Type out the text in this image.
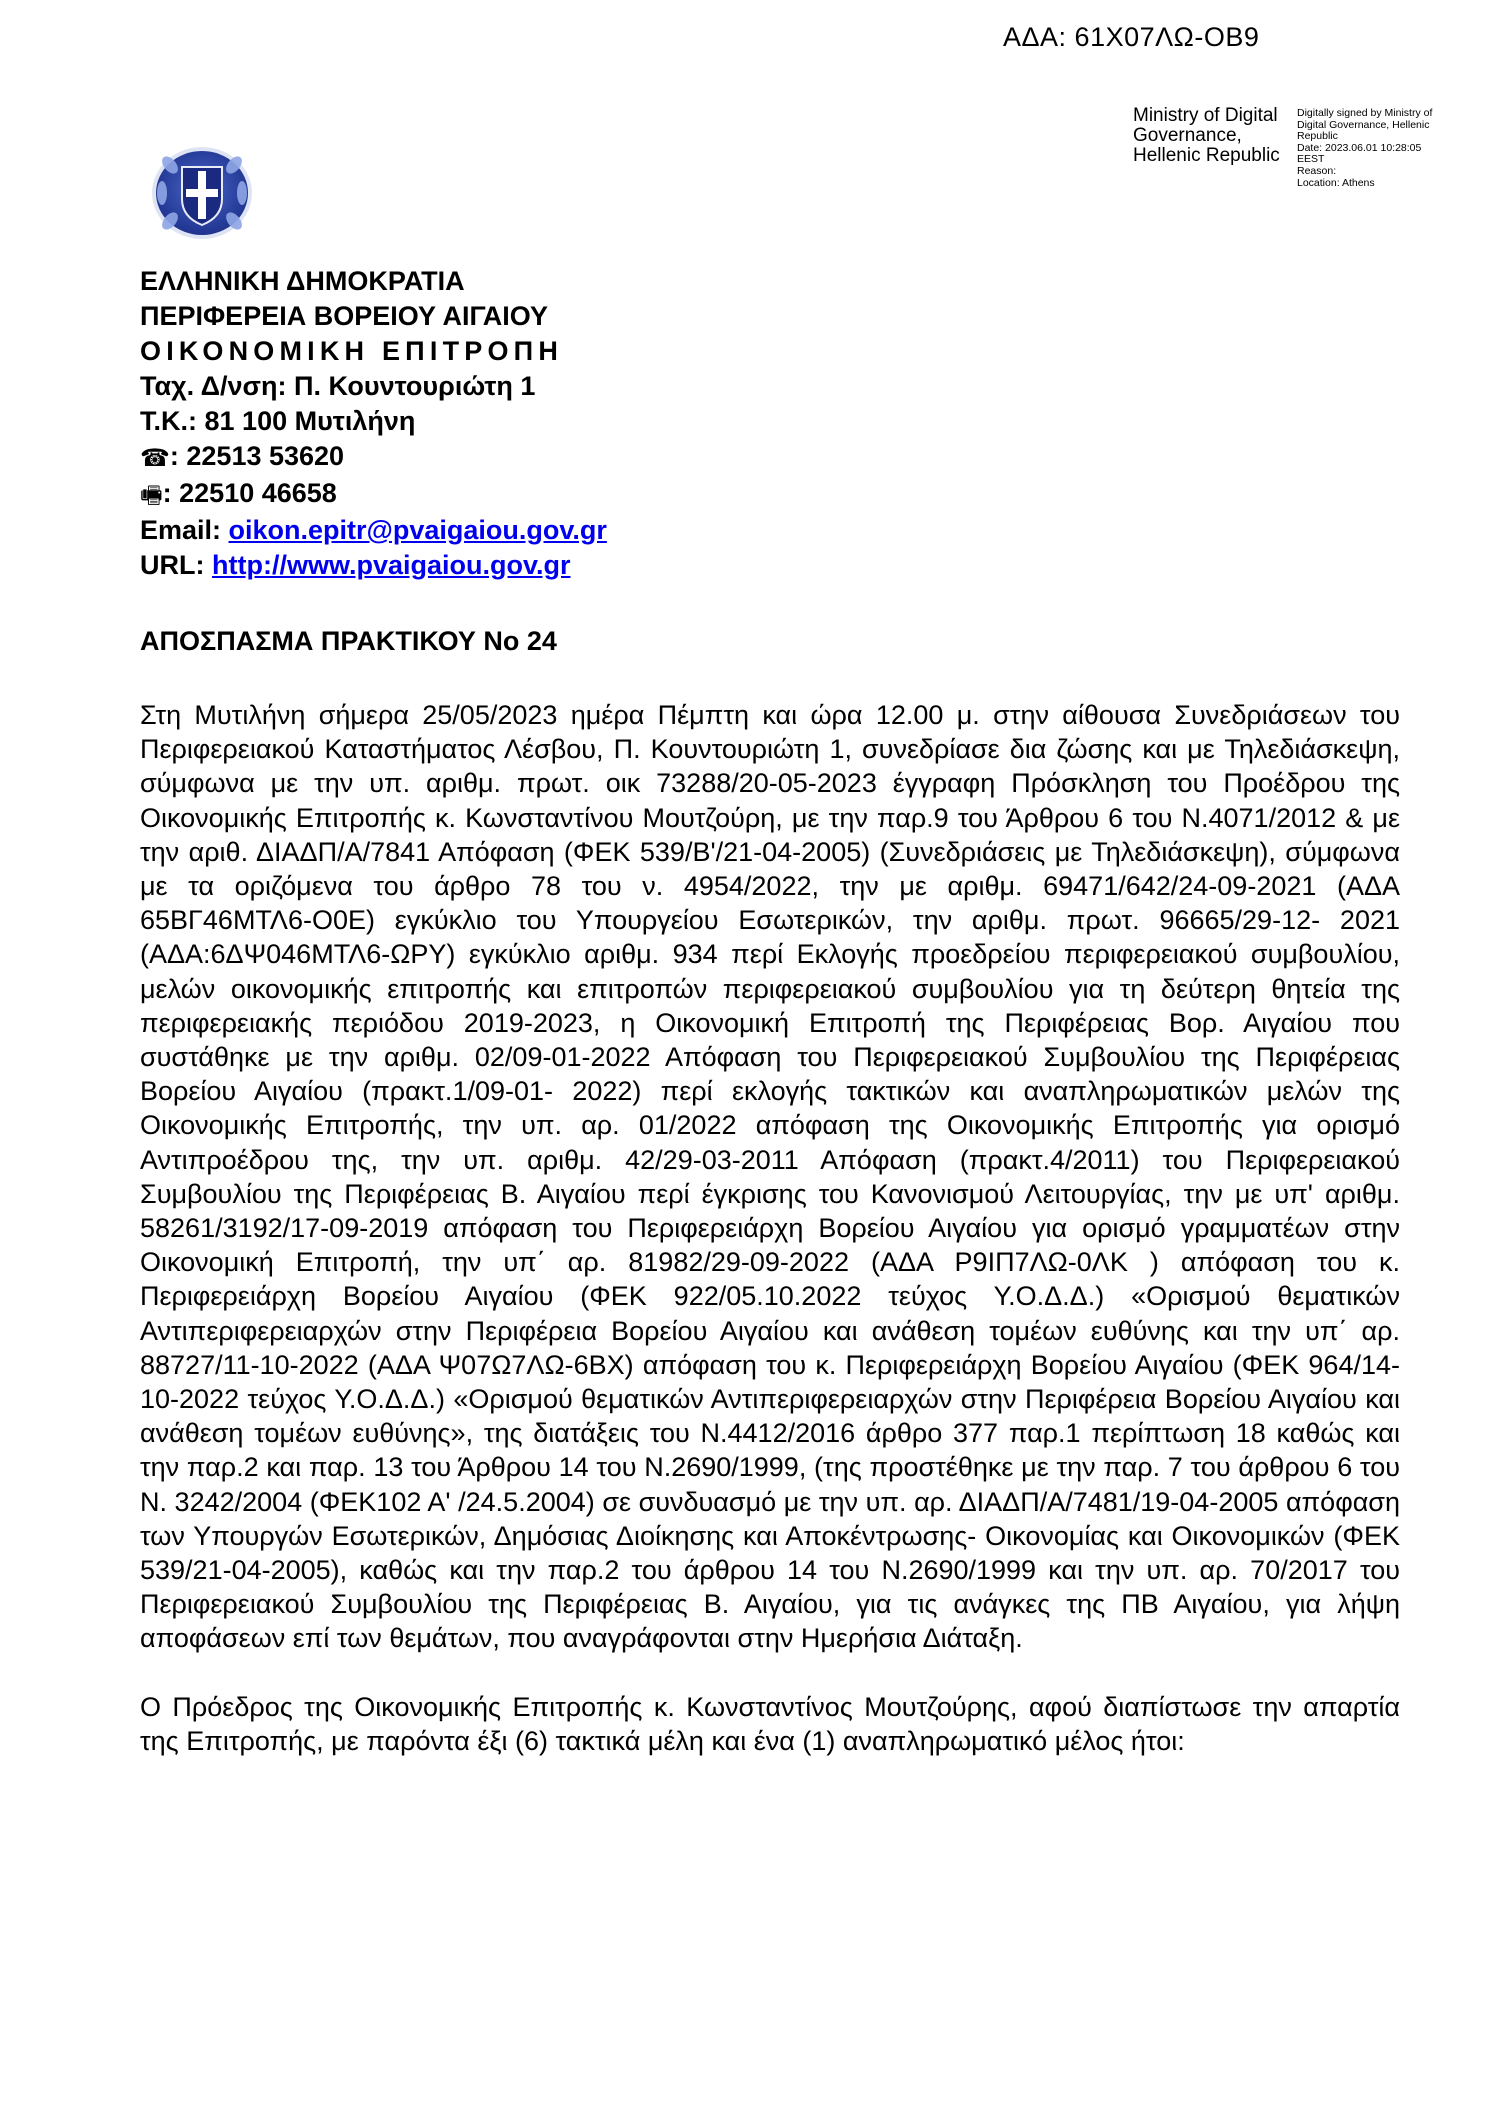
ΑΔΑ: 61Χ07ΛΩ-ΟΒ9
Ministry of Digital
Governance,
Hellenic Republic
Digitally signed by Ministry of
Digital Governance, Hellenic
Republic
Date: 2023.06.01 10:28:05
EEST
Reason:
Location: Athens
ΕΛΛΗΝΙΚΗ ΔΗΜΟΚΡΑΤΙΑ
ΠΕΡΙΦΕΡΕΙΑ ΒΟΡΕΙΟΥ ΑΙΓΑΙΟΥ
ΟΙΚΟΝΟΜΙΚΗ ΕΠΙΤΡΟΠΗ
Ταχ. Δ/νση: Π. Κουντουριώτη 1
Τ.Κ.: 81 100 Μυτιλήνη
☎: 22513 53620
🖷: 22510 46658
Email: oikon.epitr@pvaigaiou.gov.gr
URL: http://www.pvaigaiou.gov.gr
ΑΠΟΣΠΑΣΜΑ ΠΡΑΚΤΙΚΟΥ Νο 24

Στη Μυτιλήνη σήμερα 25/05/2023 ημέρα Πέμπτη και ώρα 12.00 μ. στην αίθουσα Συνεδριάσεων του Περιφερειακού Καταστήματος Λέσβου, Π. Κουντουριώτη 1, συνεδρίασε δια ζώσης και με Τηλεδιάσκεψη, σύμφωνα με την υπ. αριθμ. πρωτ. οικ 73288/20-05-2023 έγγραφη Πρόσκληση του Προέδρου της Οικονομικής Επιτροπής κ. Κωνσταντίνου Μουτζούρη, με την παρ.9 του Άρθρου 6 του Ν.4071/2012 & με την αριθ. ΔΙΑΔΠ/Α/7841 Απόφαση (ΦΕΚ 539/Β'/21-04-2005) (Συνεδριάσεις με Τηλεδιάσκεψη), σύμφωνα με τα οριζόμενα του άρθρο 78 του ν. 4954/2022, την με αριθμ. 69471/642/24-09-2021 (ΑΔΑ 65ΒΓ46ΜΤΛ6-Ο0Ε) εγκύκλιο του Υπουργείου Εσωτερικών, την αριθμ. πρωτ. 96665/29-12- 2021 (ΑΔΑ:6ΔΨ046ΜΤΛ6-ΩΡΥ) εγκύκλιο αριθμ. 934 περί Εκλογής προεδρείου περιφερειακού συμβουλίου, μελών οικονομικής επιτροπής και επιτροπών περιφερειακού συμβουλίου για τη δεύτερη θητεία της περιφερειακής περιόδου 2019-2023, η Οικονομική Επιτροπή της Περιφέρειας Βορ. Αιγαίου που συστάθηκε με την αριθμ. 02/09-01-2022 Απόφαση του Περιφερειακού Συμβουλίου της Περιφέρειας Βορείου Αιγαίου (πρακτ.1/09-01- 2022) περί εκλογής τακτικών και αναπληρωματικών μελών της Οικονομικής Επιτροπής, την υπ. αρ. 01/2022 απόφαση της Οικονομικής Επιτροπής για ορισμό Αντιπροέδρου της, την υπ. αριθμ. 42/29-03-2011 Απόφαση (πρακτ.4/2011) του Περιφερειακού Συμβουλίου της Περιφέρειας Β. Αιγαίου περί έγκρισης του Κανονισμού Λειτουργίας, την με υπ' αριθμ. 58261/3192/17-09-2019 απόφαση του Περιφερειάρχη Βορείου Αιγαίου για ορισμό γραμματέων στην Οικονομική Επιτροπή, την υπ΄ αρ. 81982/29-09-2022 (ΑΔΑ Ρ9ΙΠ7ΛΩ-0ΛΚ ) απόφαση του κ. Περιφερειάρχη Βορείου Αιγαίου (ΦΕΚ 922/05.10.2022 τεύχος Υ.Ο.Δ.Δ.) «Ορισμού θεματικών Αντιπεριφερειαρχών στην Περιφέρεια Βορείου Αιγαίου και ανάθεση τομέων ευθύνης και την υπ΄ αρ. 88727/11-10-2022 (ΑΔΑ Ψ07Ω7ΛΩ-6ΒΧ) απόφαση του κ. Περιφερειάρχη Βορείου Αιγαίου (ΦΕΚ 964/14-10-2022 τεύχος Υ.Ο.Δ.Δ.) «Ορισμού θεματικών Αντιπεριφερειαρχών στην Περιφέρεια Βορείου Αιγαίου και ανάθεση τομέων ευθύνης», της διατάξεις του Ν.4412/2016 άρθρο 377 παρ.1 περίπτωση 18 καθώς και την παρ.2 και παρ. 13 του Άρθρου 14 του Ν.2690/1999, (της προστέθηκε με την παρ. 7 του άρθρου 6 του Ν. 3242/2004 (ΦΕΚ102 Α' /24.5.2004) σε συνδυασμό με την υπ. αρ. ΔΙΑΔΠ/Α/7481/19-04-2005 απόφαση των Υπουργών Εσωτερικών, Δημόσιας Διοίκησης και Αποκέντρωσης- Οικονομίας και Οικονομικών (ΦΕΚ 539/21-04-2005), καθώς και την παρ.2 του άρθρου 14 του Ν.2690/1999 και την υπ. αρ. 70/2017 του Περιφερειακού Συμβουλίου της Περιφέρειας Β. Αιγαίου, για τις ανάγκες της ΠΒ Αιγαίου, για λήψη αποφάσεων επί των θεμάτων, που αναγράφονται στην Ημερήσια Διάταξη.

Ο Πρόεδρος της Οικονομικής Επιτροπής κ. Κωνσταντίνος Μουτζούρης, αφού διαπίστωσε την απαρτία της Επιτροπής, με παρόντα έξι (6) τακτικά μέλη και ένα (1) αναπληρωματικό μέλος ήτοι:
